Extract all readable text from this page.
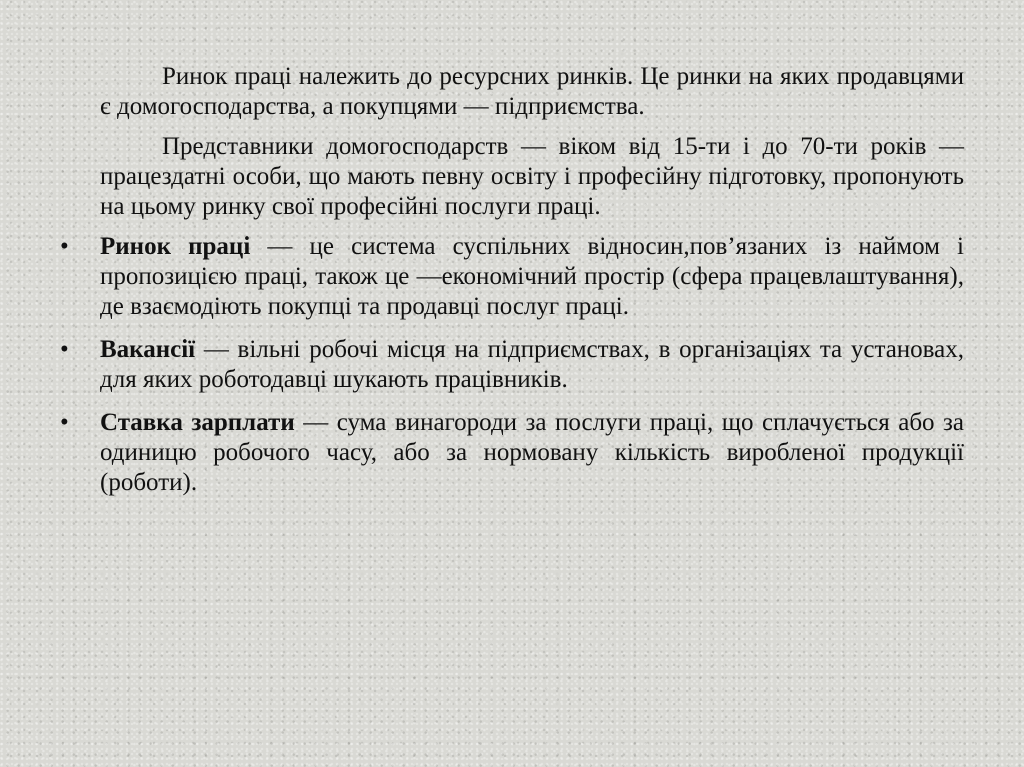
Ринок праці належить до ресурсних ринків. Це ринки на яких продавцями є домогосподарства, а покупцями — підприємства.

Представники домогосподарств — віком від 15-ти і до 70-ти років — працездатні особи, що мають певну освіту і професійну підготовку, пропонують на цьому ринку свої професійні послуги праці.

•	Ринок праці — це система суспільних відносин,пов’язаних із наймом і пропозицією праці, також це —економічний простір (сфера працевлаштування), де взаємодіють покупці та продавці послуг праці.
•	Вакансії — вільні робочі місця на підприємствах, в організаціях та установах, для яких роботодавці шукають працівників.
•	Ставка зарплати — сума винагороди за послуги праці, що сплачується або за одиницю робочого часу, або за нормовану кількість виробленої продукції (роботи).
